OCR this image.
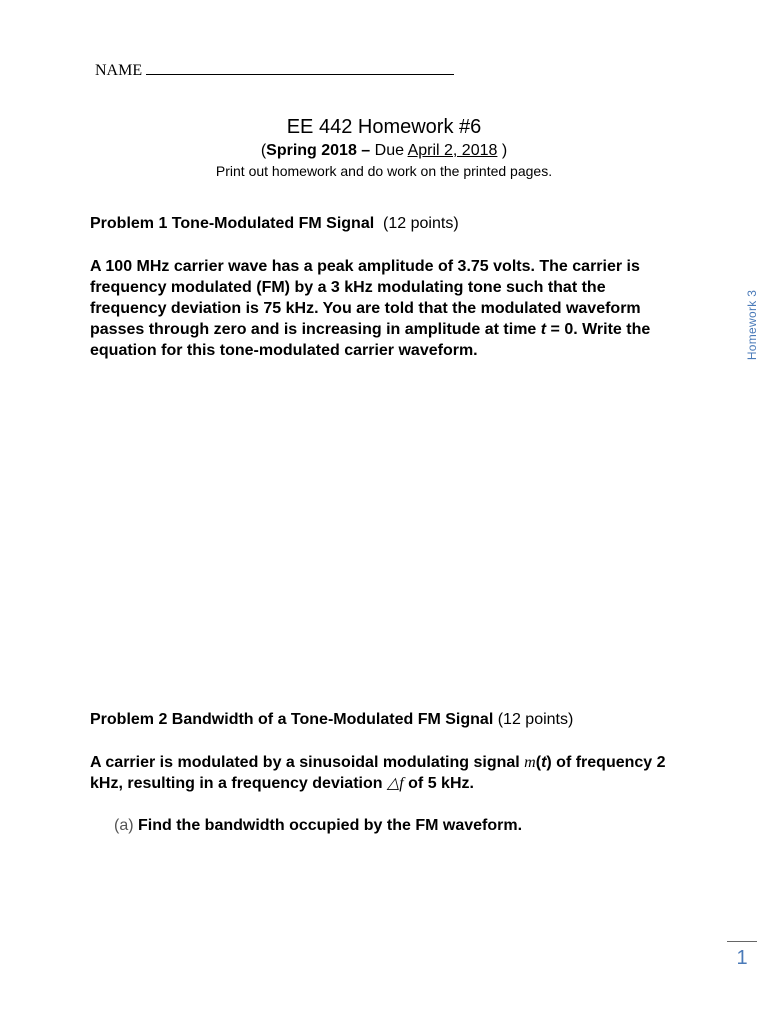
NAME
EE 442 Homework #6
(Spring 2018 – Due April 2, 2018 )
Print out homework and do work on the printed pages.
Problem 1 Tone-Modulated FM Signal (12 points)
A 100 MHz carrier wave has a peak amplitude of 3.75 volts. The carrier is frequency modulated (FM) by a 3 kHz modulating tone such that the frequency deviation is 75 kHz. You are told that the modulated waveform passes through zero and is increasing in amplitude at time t = 0. Write the equation for this tone-modulated carrier waveform.
Problem 2 Bandwidth of a Tone-Modulated FM Signal (12 points)
A carrier is modulated by a sinusoidal modulating signal m(t) of frequency 2 kHz, resulting in a frequency deviation △f of 5 kHz.
(a) Find the bandwidth occupied by the FM waveform.
Homework 3
1
